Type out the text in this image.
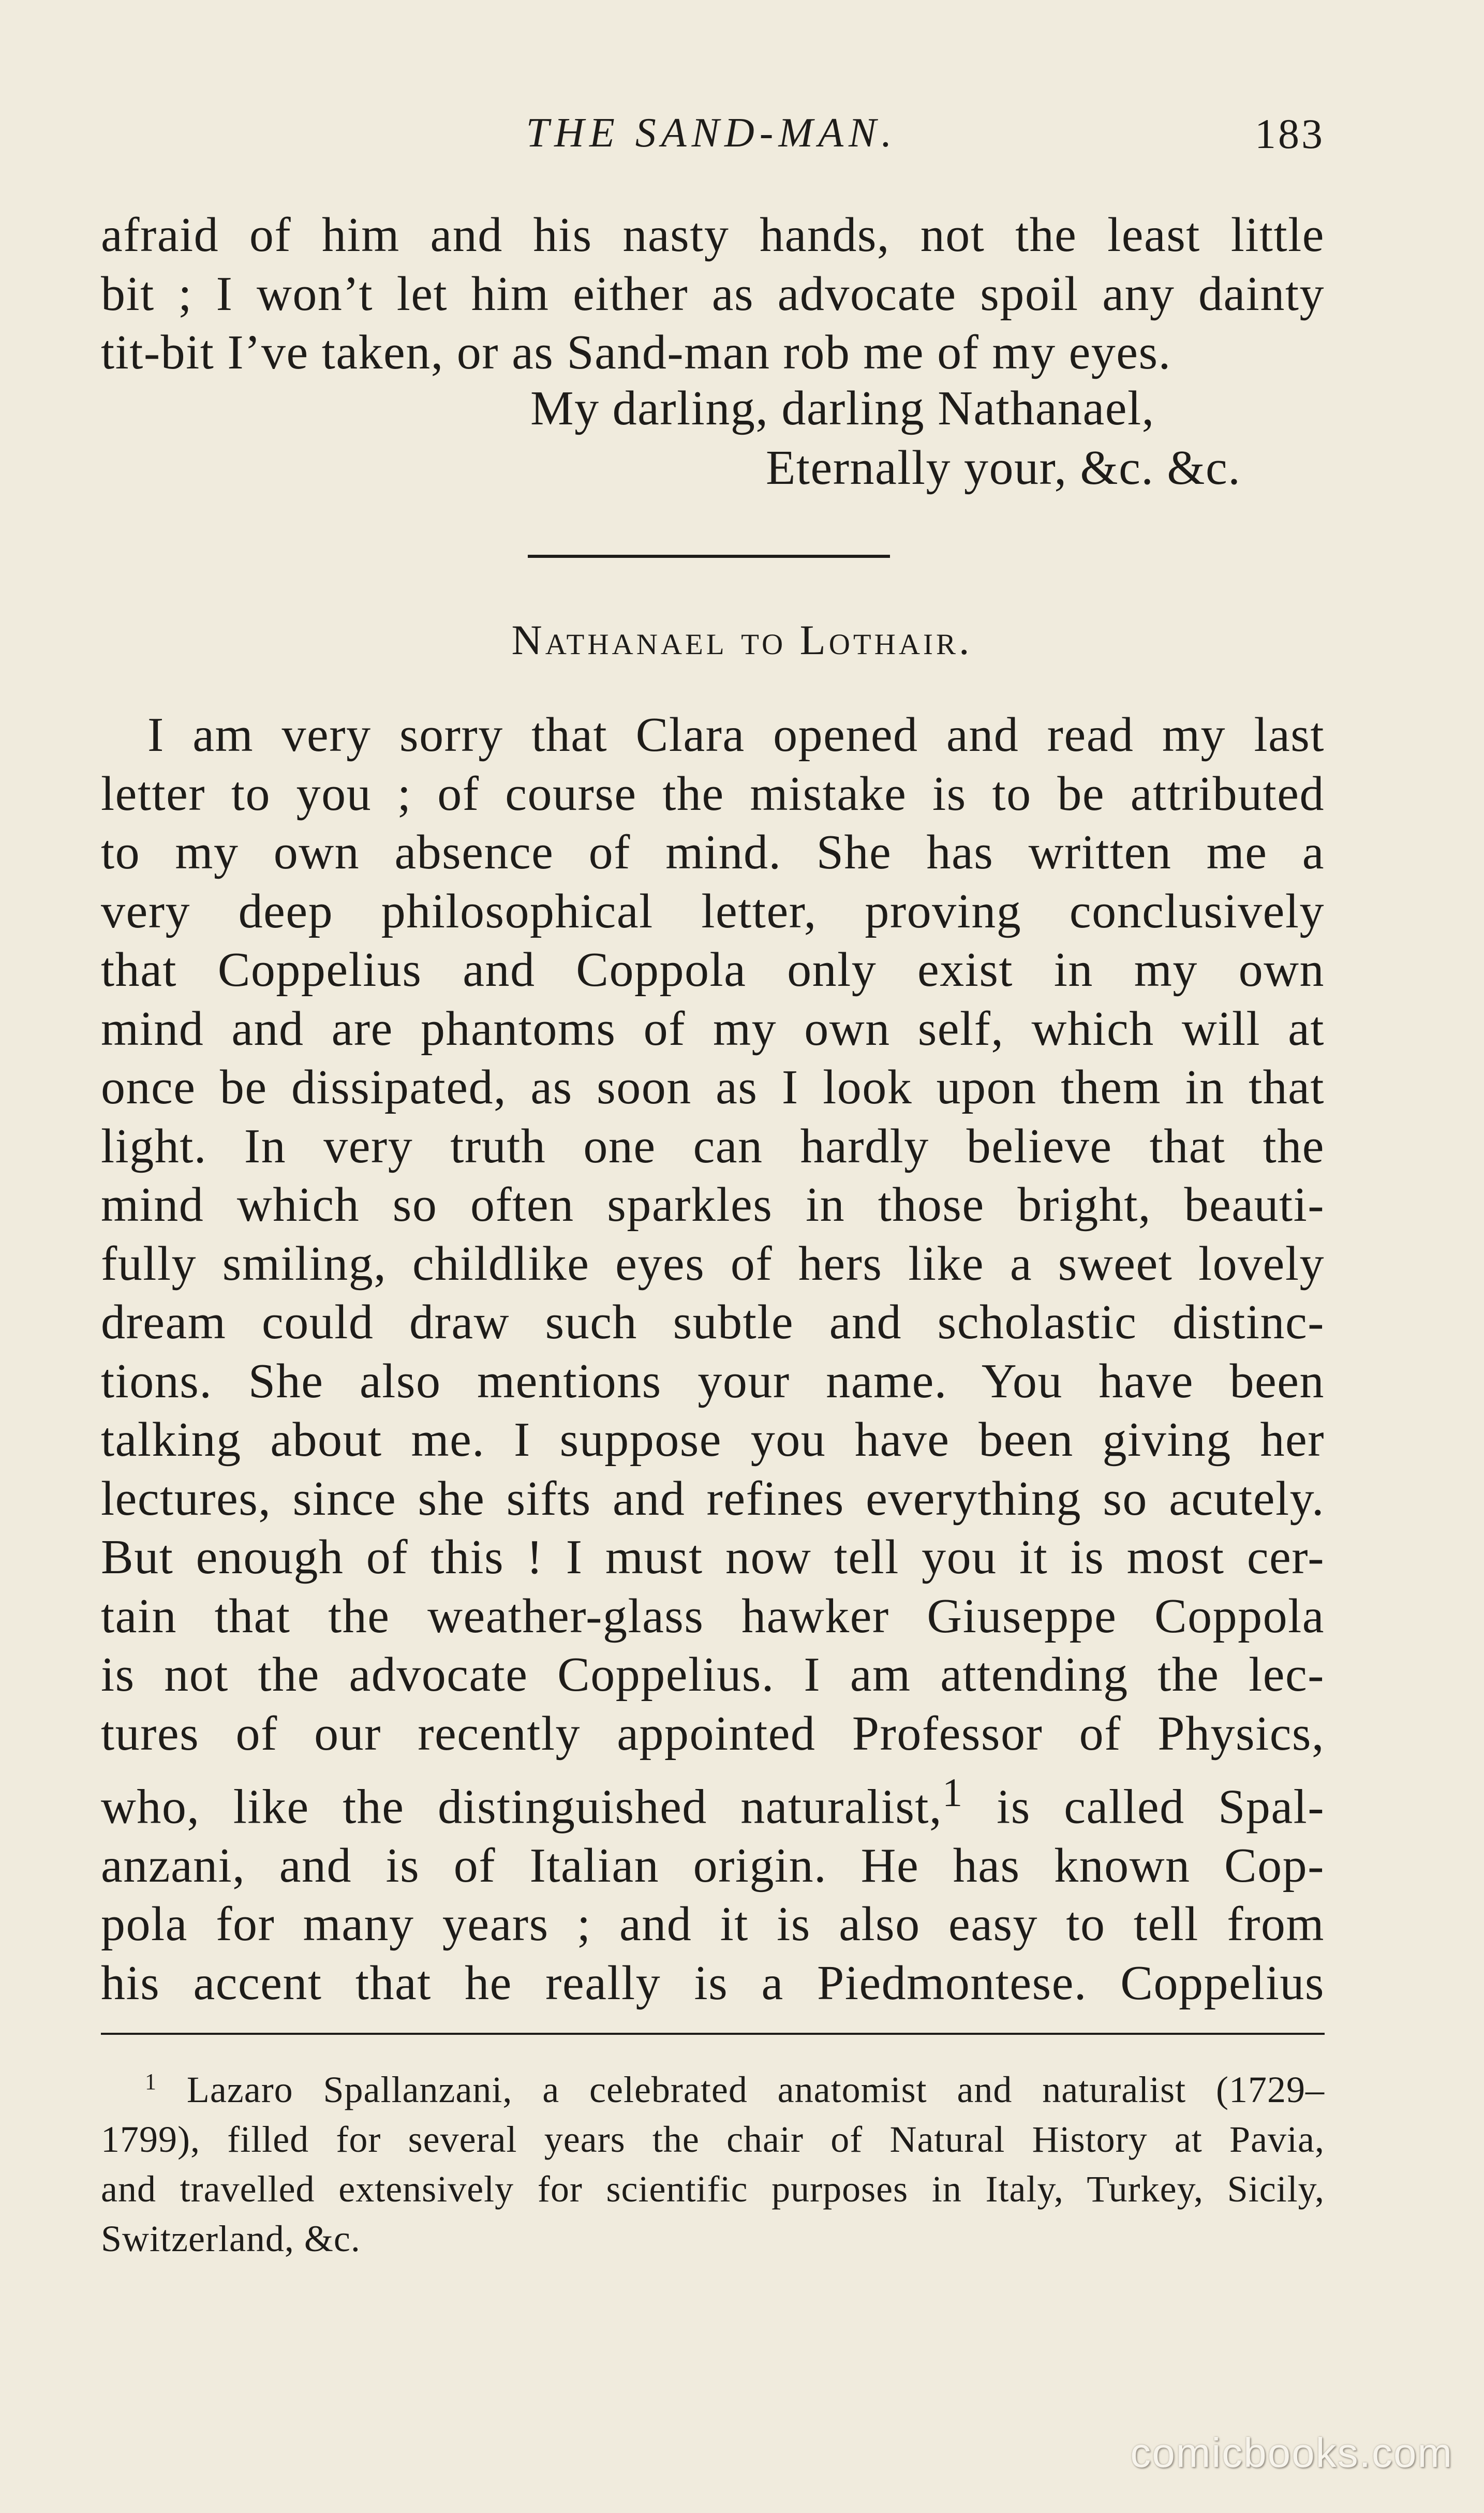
THE SAND-MAN.	183

afraid of him and his nasty hands, not the least little

bit ; I won’t let him either as advocate spoil any dainty

tit-bit I’ve taken, or as Sand-man rob me of my eyes.

My darling, darling Nathanael,
Eternally your, &c. &c.
Nathanael to Lothair.

I am very sorry that Clara opened and read my last

letter to you ; of course the mistake is to be attributed

to my own absence of mind. She has written me a

very deep philosophical letter, proving conclusively

that Coppelius and Coppola only exist in my own

mind and are phantoms of my own self, which will at

once be dissipated, as soon as I look upon them in that

light. In very truth one can hardly believe that the

mind which so often sparkles in those bright, beauti-

fully smiling, childlike eyes of hers like a sweet lovely

dream could draw such subtle and scholastic distinc-

tions. She also mentions your name. You have been

talking about me. I suppose you have been giving her

lectures, since she sifts and refines everything so acutely.

But enough of this ! I must now tell you it is most cer-

tain that the weather-glass hawker Giuseppe Coppola

is not the advocate Coppelius. I am attending the lec-

tures of our recently appointed Professor of Physics,

who, like the distinguished naturalist,$^1$ is called Spal-

anzani, and is of Italian origin. He has known Cop-

pola for many years ; and it is also easy to tell from

his accent that he really is a Piedmontese. Coppelius

$^1$ Lazaro Spallanzani, a celebrated anatomist and naturalist (1729–

1799), filled for several years the chair of Natural History at Pavia,

and travelled extensively for scientific purposes in Italy, Turkey, Sicily,

Switzerland, &c.

comicbooks.com
